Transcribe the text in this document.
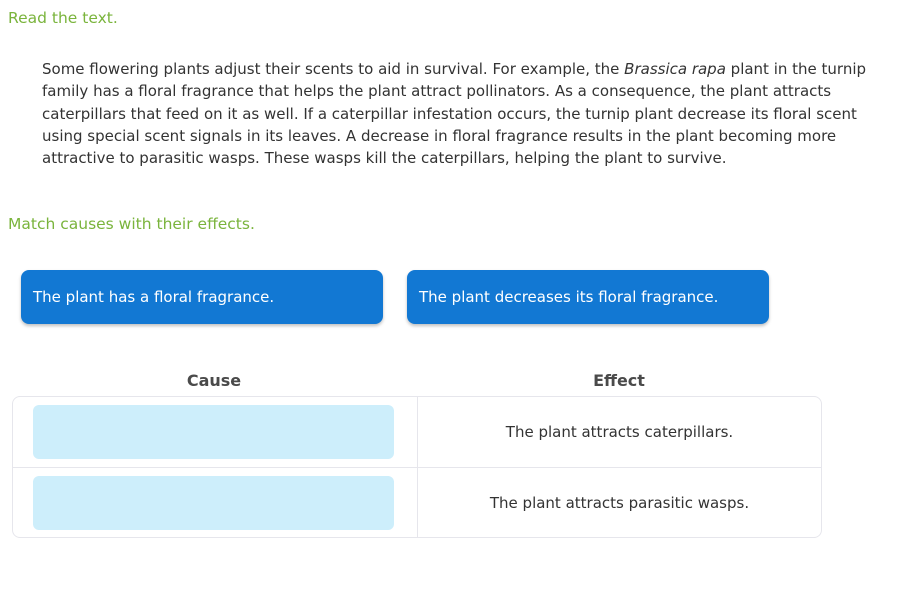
Read the text.

Some flowering plants adjust their scents to aid in survival. For example, the Brassica rapa plant in the turnip family has a floral fragrance that helps the plant attract pollinators. As a consequence, the plant attracts caterpillars that feed on it as well. If a caterpillar infestation occurs, the turnip plant decrease its floral scent using special scent signals in its leaves. A decrease in floral fragrance results in the plant becoming more attractive to parasitic wasps. These wasps kill the caterpillars, helping the plant to survive.

Match causes with their effects.
The plant has a floral fragrance.	The plant decreases its floral fragrance.
Cause	Effect
The plant attracts caterpillars.
The plant attracts parasitic wasps.
